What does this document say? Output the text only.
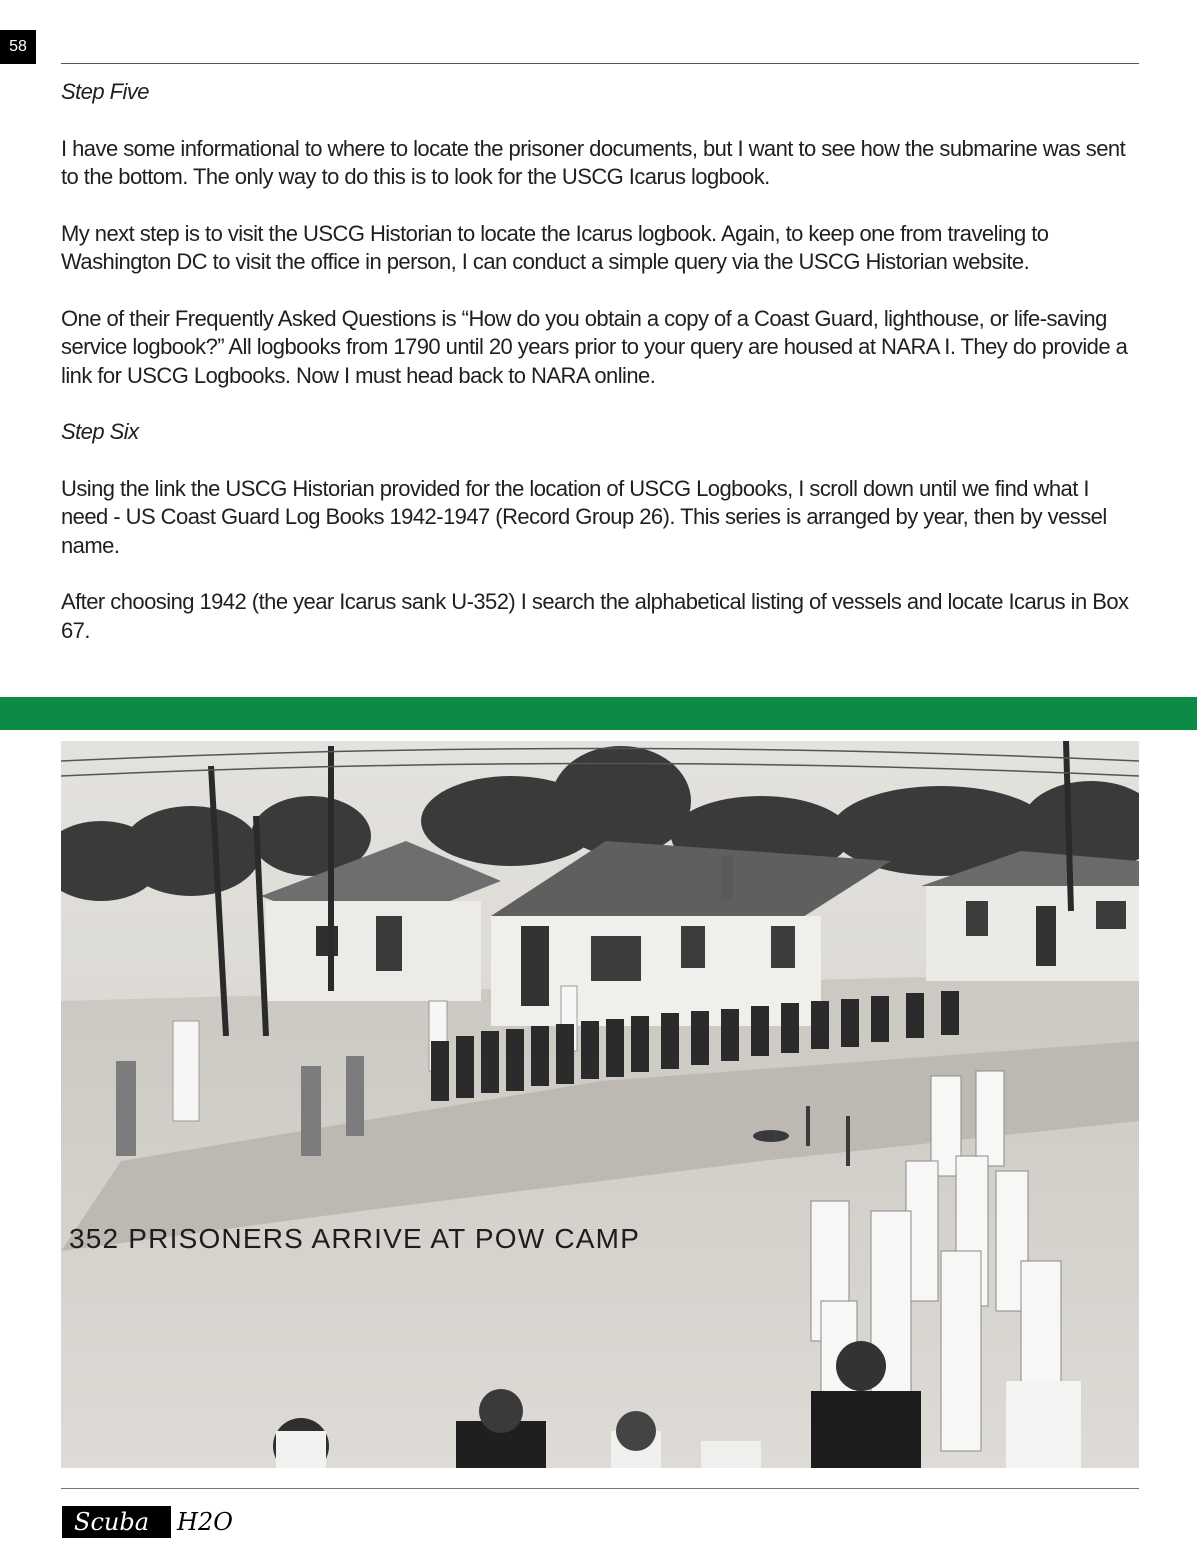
58

Step Five

I have some informational to where to locate the prisoner documents, but I want to see how the submarine was sent to the bottom. The only way to do this is to look for the USCG Icarus logbook.

My next step is to visit the USCG Historian to locate the Icarus logbook. Again, to keep one from traveling to Washington DC to visit the office in person, I can conduct a simple query via the USCG Historian website.

One of their Frequently Asked Questions is “How do you obtain a copy of a Coast Guard, lighthouse, or life-saving service logbook?” All logbooks from 1790 until 20 years prior to your query are housed at NARA I. They do provide a link for USCG Logbooks. Now I must head back to NARA online.

Step Six

Using the link the USCG Historian provided for the location of USCG Logbooks, I scroll down until we find what I need - US Coast Guard Log Books 1942-1947 (Record Group 26). This series is arranged by year, then by vessel name.

After choosing 1942 (the year Icarus sank U-352) I search the alphabetical listing of vessels and locate Icarus in Box 67.

352 PRISONERS ARRIVE AT POW CAMP
Scuba	H2O
